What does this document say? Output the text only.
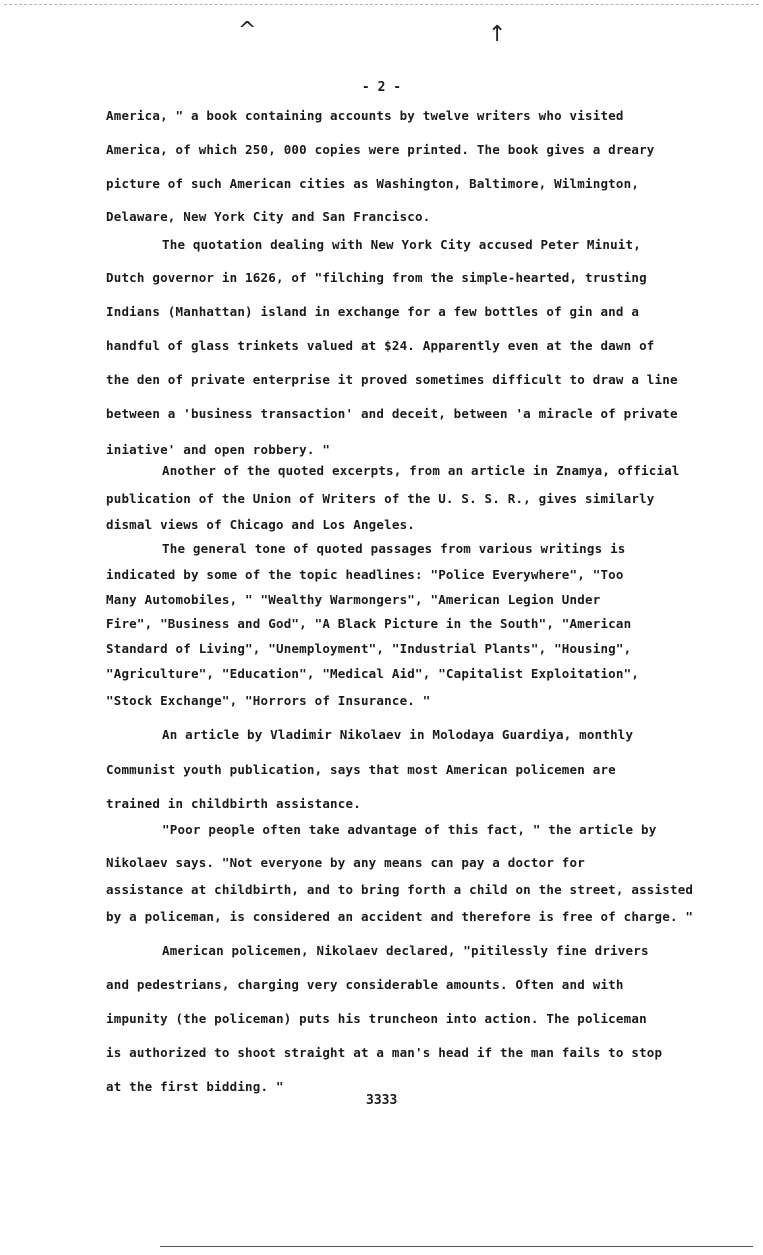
^	↑
- 2 -
America, " a book containing accounts by twelve writers who visited
America, of which 250, 000 copies were printed. The book gives a dreary
picture of such American cities as Washington, Baltimore, Wilmington,
Delaware, New York City and San Francisco.
The quotation dealing with New York City accused Peter Minuit,
Dutch governor in 1626, of "filching from the simple-hearted, trusting
Indians (Manhattan) island in exchange for a few bottles of gin and a
handful of glass trinkets valued at $24. Apparently even at the dawn of
the den of private enterprise it proved sometimes difficult to draw a line
between a 'business transaction' and deceit, between 'a miracle of private
iniative' and open robbery. "
Another of the quoted excerpts, from an article in Znamya, official
publication of the Union of Writers of the U. S. S. R., gives similarly
dismal views of Chicago and Los Angeles.
The general tone of quoted passages from various writings is
indicated by some of the topic headlines: "Police Everywhere", "Too
Many Automobiles, " "Wealthy Warmongers", "American Legion Under
Fire", "Business and God", "A Black Picture in the South", "American
Standard of Living", "Unemployment", "Industrial Plants", "Housing",
"Agriculture", "Education", "Medical Aid", "Capitalist Exploitation",
"Stock Exchange", "Horrors of Insurance. "
An article by Vladimir Nikolaev in Molodaya Guardiya, monthly
Communist youth publication, says that most American policemen are
trained in childbirth assistance.
"Poor people often take advantage of this fact, " the article by
Nikolaev says. "Not everyone by any means can pay a doctor for
assistance at childbirth, and to bring forth a child on the street, assisted
by a policeman, is considered an accident and therefore is free of charge. "
American policemen, Nikolaev declared, "pitilessly fine drivers
and pedestrians, charging very considerable amounts. Often and with
impunity (the policeman) puts his truncheon into action. The policeman
is authorized to shoot straight at a man's head if the man fails to stop
at the first bidding. "
3333
